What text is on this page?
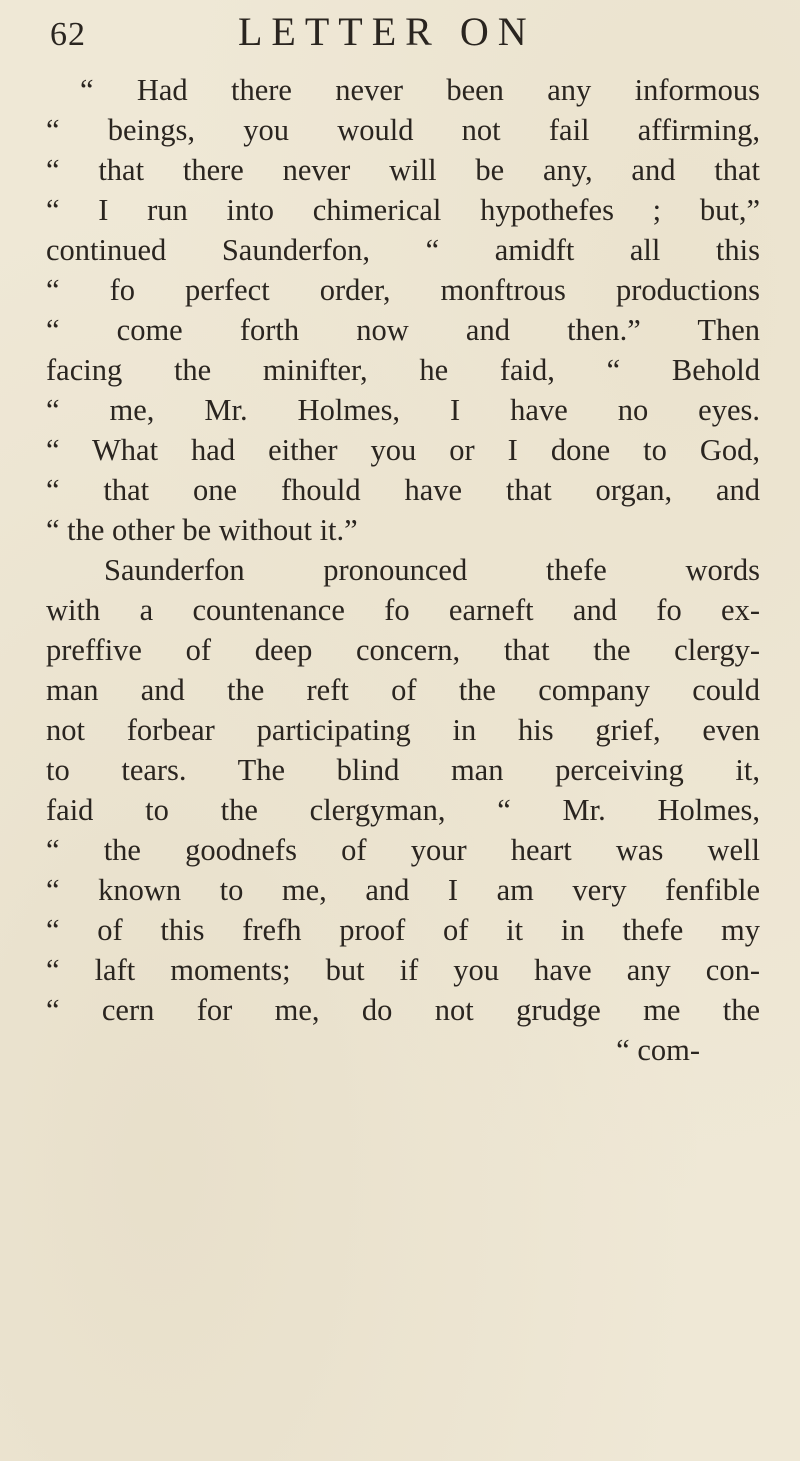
62	LETTER ON
“ Had there never been any informous
“ beings, you would not fail affirming,
“ that there never will be any, and that
“ I run into chimerical hypothefes ; but,”
continued Saunderfon, “ amidft all this
“ fo perfect order, monftrous productions
“ come forth now and then.” Then
facing the minifter, he faid, “ Behold
“ me, Mr. Holmes, I have no eyes.
“ What had either you or I done to God,
“ that one fhould have that organ, and
“ the other be without it.”
Saunderfon pronounced thefe words
with a countenance fo earneft and fo ex-
preffive of deep concern, that the clergy-
man and the reft of the company could
not forbear participating in his grief, even
to tears. The blind man perceiving it,
faid to the clergyman, “ Mr. Holmes,
“ the goodnefs of your heart was well
“ known to me, and I am very fenfible
“ of this frefh proof of it in thefe my
“ laft moments; but if you have any con-
“ cern for me, do not grudge me the
“ com-
